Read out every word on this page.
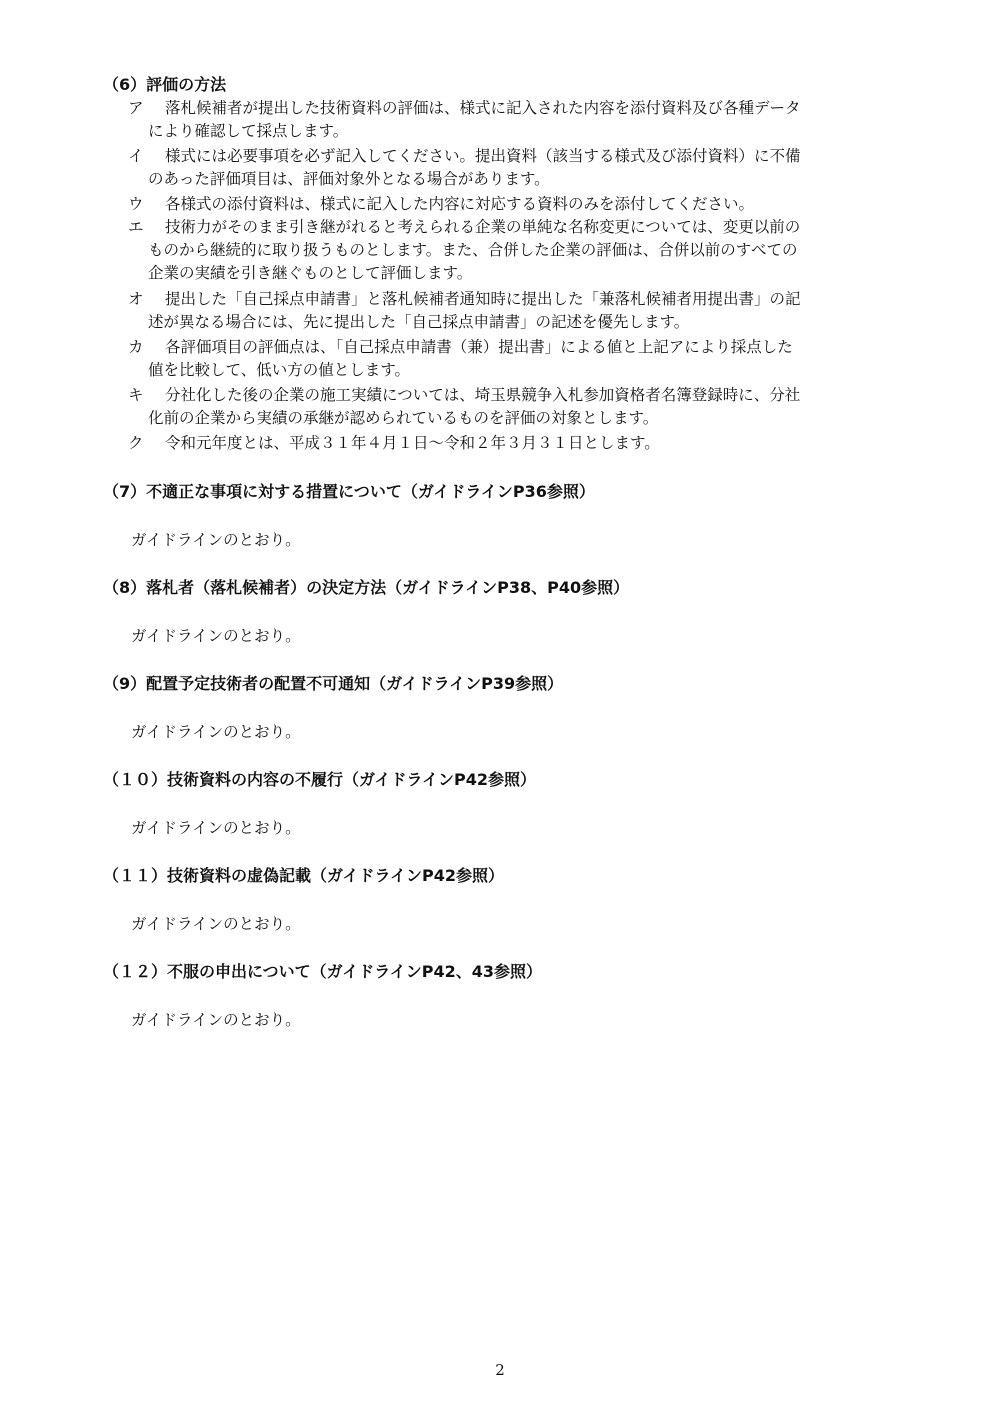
（6）評価の方法
ア	落札候補者が提出した技術資料の評価は、様式に記入された内容を添付資料及び各種データ
により確認して採点します。
イ	様式には必要事項を必ず記入してください。提出資料（該当する様式及び添付資料）に不備
のあった評価項目は、評価対象外となる場合があります。
ウ	各様式の添付資料は、様式に記入した内容に対応する資料のみを添付してください。
エ	技術力がそのまま引き継がれると考えられる企業の単純な名称変更については、変更以前の
ものから継続的に取り扱うものとします。また、合併した企業の評価は、合併以前のすべての
企業の実績を引き継ぐものとして評価します。
オ	提出した「自己採点申請書」と落札候補者通知時に提出した「兼落札候補者用提出書」の記
述が異なる場合には、先に提出した「自己採点申請書」の記述を優先します。
カ	各評価項目の評価点は、「自己採点申請書（兼）提出書」による値と上記アにより採点した
値を比較して、低い方の値とします。
キ	分社化した後の企業の施工実績については、埼玉県競争入札参加資格者名簿登録時に、分社
化前の企業から実績の承継が認められているものを評価の対象とします。
ク	令和元年度とは、平成３１年４月１日～令和２年３月３１日とします。
（7）不適正な事項に対する措置について（ガイドラインP36参照）
ガイドラインのとおり。
（8）落札者（落札候補者）の決定方法（ガイドラインP38、P40参照）
ガイドラインのとおり。
（9）配置予定技術者の配置不可通知（ガイドラインP39参照）
ガイドラインのとおり。
（１０）技術資料の内容の不履行（ガイドラインP42参照）
ガイドラインのとおり。
（１１）技術資料の虚偽記載（ガイドラインP42参照）
ガイドラインのとおり。
（１２）不服の申出について（ガイドラインP42、43参照）
ガイドラインのとおり。
2
